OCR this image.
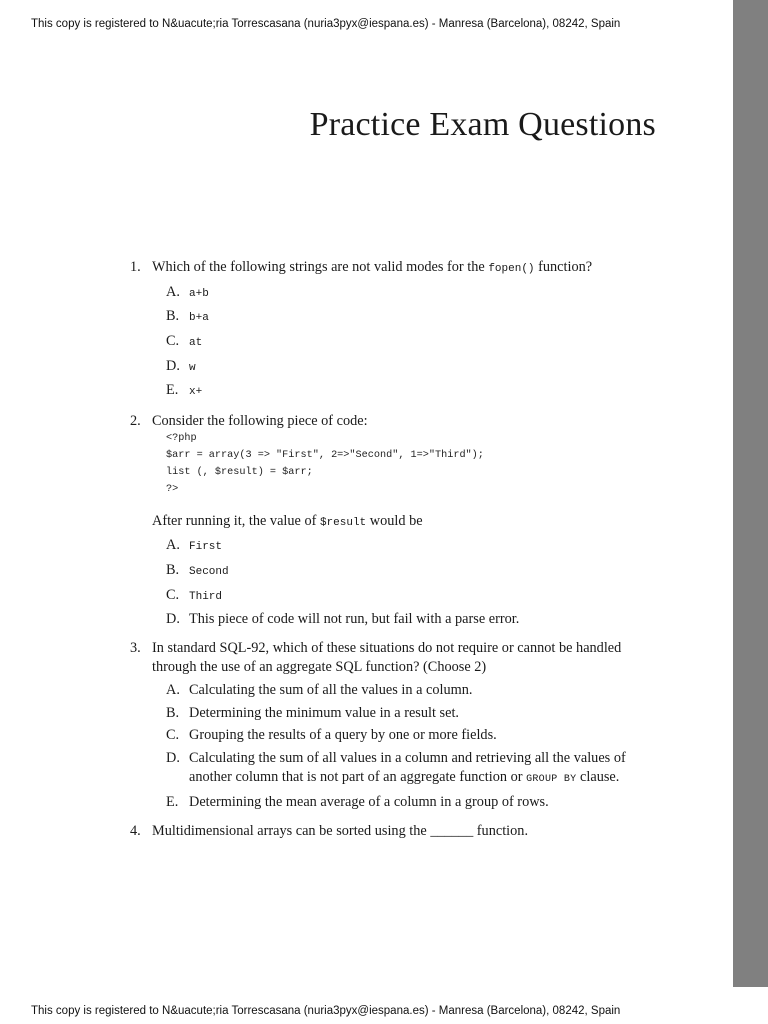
This copy is registered to N&uacute;ria Torrescasana (nuria3pyx@iespana.es) - Manresa (Barcelona), 08242, Spain
Practice Exam Questions
1. Which of the following strings are not valid modes for the fopen() function?
A. a+b
B. b+a
C. at
D. w
E. x+
2. Consider the following piece of code:
<?php
$arr = array(3 => "First", 2=>"Second", 1=>"Third");
list (, $result) = $arr;
?>
After running it, the value of $result would be
A. First
B. Second
C. Third
D. This piece of code will not run, but fail with a parse error.
3. In standard SQL-92, which of these situations do not require or cannot be handled through the use of an aggregate SQL function? (Choose 2)
A. Calculating the sum of all the values in a column.
B. Determining the minimum value in a result set.
C. Grouping the results of a query by one or more fields.
D. Calculating the sum of all values in a column and retrieving all the values of another column that is not part of an aggregate function or GROUP BY clause.
E. Determining the mean average of a column in a group of rows.
4. Multidimensional arrays can be sorted using the ______ function.
This copy is registered to N&uacute;ria Torrescasana (nuria3pyx@iespana.es) - Manresa (Barcelona), 08242, Spain
